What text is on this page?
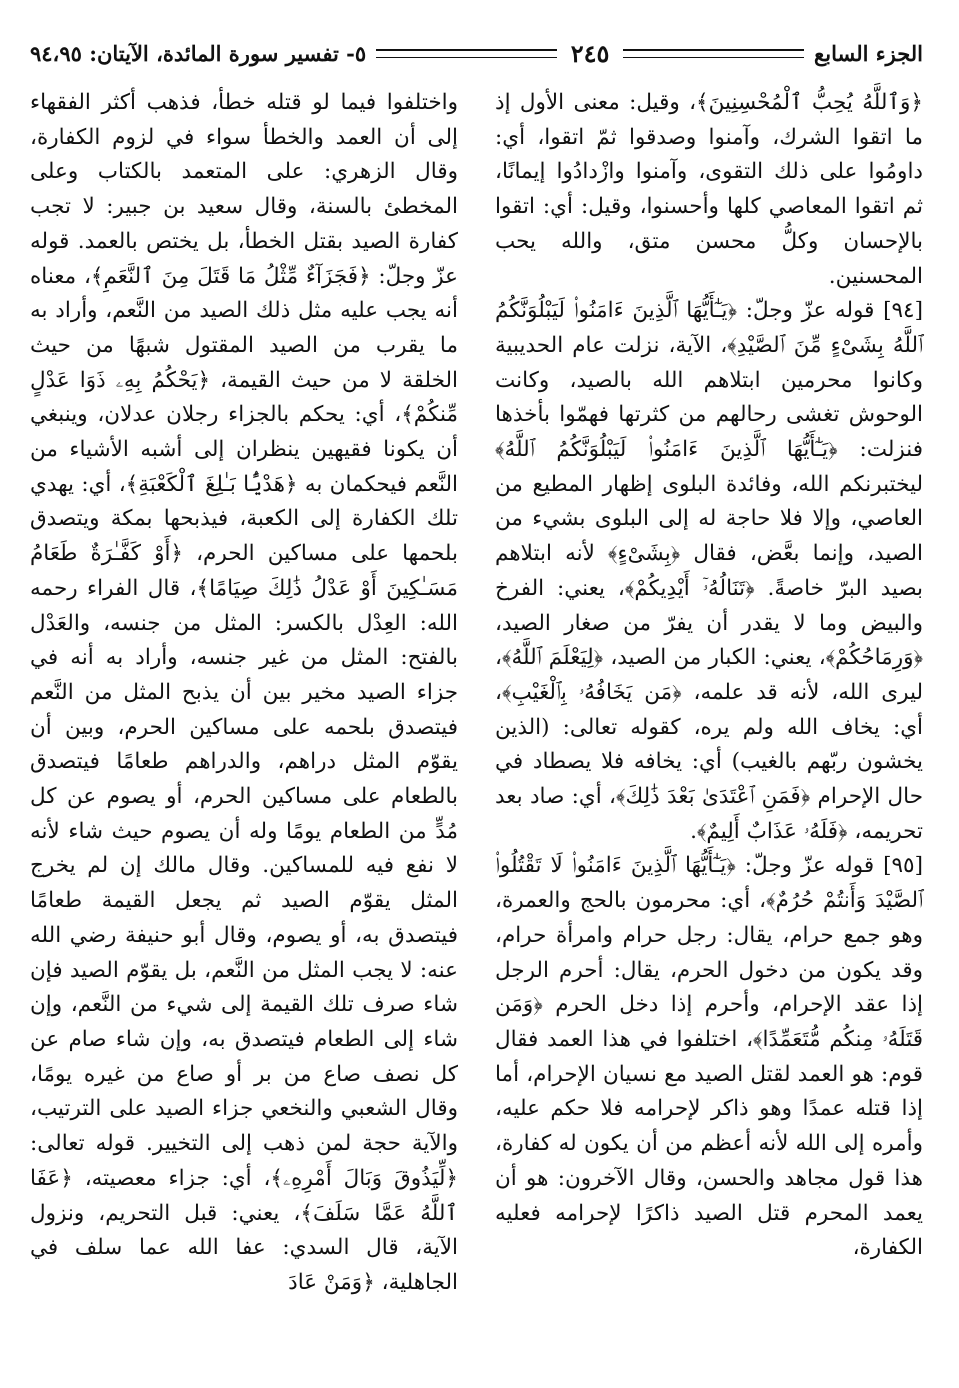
الجزء السابع
٢٤٥
٥- تفسير سورة المائدة، الآيتان: ٩٤،٩٥

﴿وَٱللَّهُ يُحِبُّ ٱلْمُحْسِنِينَ﴾، وقيل: معنى الأول إذ ما اتقوا الشرك، وآمنوا وصدقوا ثمّ اتقوا، أي: داومُوا على ذلك التقوى، وآمنوا وازْدادُوا إيمانًا، ثم اتقوا المعاصي كلها وأحسنوا، وقيل: أي: اتقوا بالإحسان وكلُّ محسن متق، والله يحب المحسنين.

[٩٤] قوله عزّ وجلّ: ﴿يَـٰٓأَيُّهَا ٱلَّذِينَ ءَامَنُوا۟ لَيَبْلُوَنَّكُمُ ٱللَّهُ بِشَىْءٍ مِّنَ ٱلصَّيْدِ﴾، الآية، نزلت عام الحديبية وكانوا محرمين ابتلاهم الله بالصيد، وكانت الوحوش تغشى رحالهم من كثرتها فهمّوا بأخذها فنزلت: ﴿يَـٰٓأَيُّهَا ٱلَّذِينَ ءَامَنُوا۟ لَيَبْلُوَنَّكُمُ ٱللَّهُ﴾ ليختبرنكم الله، وفائدة البلوى إظهار المطيع من العاصي، وإلا فلا حاجة له إلى البلوى بشيء من الصيد، وإنما بعَّض، فقال ﴿بِشَىْءٍ﴾ لأنه ابتلاهم بصيد البرّ خاصةً. ﴿تَنَالُهُۥٓ أَيْدِيكُمْ﴾، يعني: الفرخ والبيض وما لا يقدر أن يفرّ من صغار الصيد، ﴿وَرِمَاحُكُمْ﴾، يعني: الكبار من الصيد، ﴿لِيَعْلَمَ ٱللَّهُ﴾، ليرى الله، لأنه قد علمه، ﴿مَن يَخَافُهُۥ بِٱلْغَيْبِ﴾، أي: يخاف الله ولم يره، كقوله تعالى: (الذين يخشون ربّهم بالغيب) أي: يخافه فلا يصطاد في حال الإحرام ﴿فَمَنِ ٱعْتَدَىٰ بَعْدَ ذَٰلِكَ﴾، أي: صاد بعد تحريمه، ﴿فَلَهُۥ عَذَابٌ أَلِيمٌ﴾.

[٩٥] قوله عزّ وجلّ: ﴿يَـٰٓأَيُّهَا ٱلَّذِينَ ءَامَنُوا۟ لَا تَقْتُلُوا۟ ٱلصَّيْدَ وَأَنتُمْ حُرُمٌ﴾، أي: محرمون بالحج والعمرة، وهو جمع حرام، يقال: رجل حرام وامرأة حرام، وقد يكون من دخول الحرم، يقال: أحرم الرجل إذا عقد الإحرام، وأحرم إذا دخل الحرم ﴿وَمَن قَتَلَهُۥ مِنكُم مُّتَعَمِّدًا﴾، اختلفوا في هذا العمد فقال قوم: هو العمد لقتل الصيد مع نسيان الإحرام، أما إذا قتله عمدًا وهو ذاكر لإحرامه فلا حكم عليه، وأمره إلى الله لأنه أعظم من أن يكون له كفارة، هذا قول مجاهد والحسن، وقال الآخرون: هو أن يعمد المحرم قتل الصيد ذاكرًا لإحرامه فعليه الكفارة،

واختلفوا فيما لو قتله خطأ، فذهب أكثر الفقهاء إلى أن العمد والخطأ سواء في لزوم الكفارة، وقال الزهري: على المتعمد بالكتاب وعلى المخطئ بالسنة، وقال سعيد بن جبير: لا تجب كفارة الصيد بقتل الخطأ، بل يختص بالعمد. قوله عزّ وجلّ: ﴿فَجَزَآءٌ مِّثْلُ مَا قَتَلَ مِنَ ٱلنَّعَمِ﴾، معناه أنه يجب عليه مثل ذلك الصيد من النَّعم، وأراد به ما يقرب من الصيد المقتول شبهًا من حيث الخلقة لا من حيث القيمة، ﴿يَحْكُمُ بِهِۦ ذَوَا عَدْلٍ مِّنكُمْ﴾، أي: يحكم بالجزاء رجلان عدلان، وينبغي أن يكونا فقيهين ينظران إلى أشبه الأشياء من النَّعم فيحكمان به ﴿هَدْيًۢا بَـٰلِغَ ٱلْكَعْبَةِ﴾، أي: يهدي تلك الكفارة إلى الكعبة، فيذبحها بمكة ويتصدق بلحمها على مساكين الحرم، ﴿أَوْ كَفَّـٰرَةٌ طَعَامُ مَسَـٰكِينَ أَوْ عَدْلُ ذَٰلِكَ صِيَامًا﴾، قال الفراء رحمه الله: العِدْل بالكسر: المثل من جنسه، والعَدْل بالفتح: المثل من غير جنسه، وأراد به أنه في جزاء الصيد مخير بين أن يذبح المثل من النَّعم فيتصدق بلحمه على مساكين الحرم، وبين أن يقوّم المثل دراهم، والدراهم طعامًا فيتصدق بالطعام على مساكين الحرم، أو يصوم عن كل مُدٍّ من الطعام يومًا وله أن يصوم حيث شاء لأنه لا نفع فيه للمساكين. وقال مالك إن لم يخرج المثل يقوّم الصيد ثم يجعل القيمة طعامًا فيتصدق به، أو يصوم، وقال أبو حنيفة رضي الله عنه: لا يجب المثل من النَّعم، بل يقوّم الصيد فإن شاء صرف تلك القيمة إلى شيء من النَّعم، وإن شاء إلى الطعام فيتصدق به، وإن شاء صام عن كل نصف صاع من بر أو صاع من غيره يومًا، وقال الشعبي والنخعي جزاء الصيد على الترتيب، والآية حجة لمن ذهب إلى التخيير. قوله تعالى: ﴿لِّيَذُوقَ وَبَالَ أَمْرِهِۦ﴾، أي: جزاء معصيته، ﴿عَفَا ٱللَّهُ عَمَّا سَلَفَ﴾، يعني: قبل التحريم، ونزول الآية، قال السدي: عفا الله عما سلف في الجاهلية، ﴿وَمَنْ عَادَ
